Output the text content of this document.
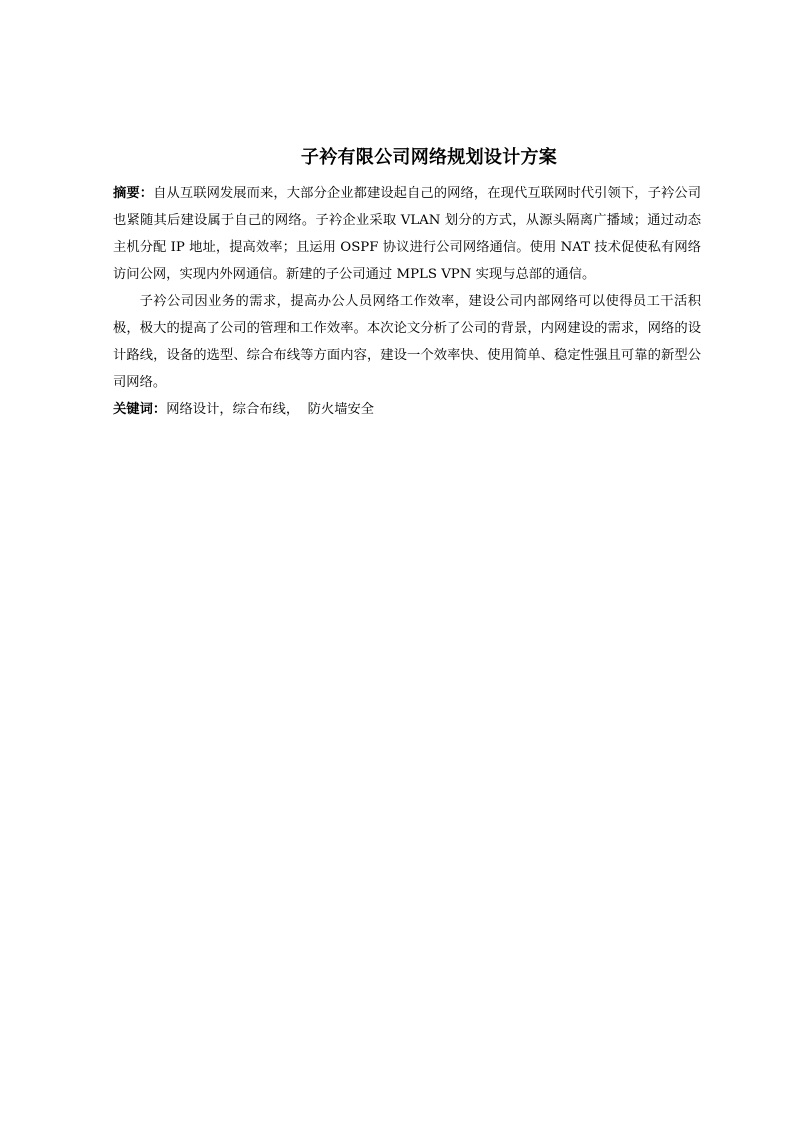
子衿有限公司网络规划设计方案

摘要：自从互联网发展而来，大部分企业都建设起自己的网络，在现代互联网时代引领下，子衿公司也紧随其后建设属于自己的网络。子衿企业采取 VLAN 划分的方式，从源头隔离广播域；通过动态主机分配 IP 地址，提高效率；且运用 OSPF 协议进行公司网络通信。使用 NAT 技术促使私有网络访问公网，实现内外网通信。新建的子公司通过 MPLS VPN 实现与总部的通信。

子衿公司因业务的需求，提高办公人员网络工作效率，建设公司内部网络可以使得员工干活积极，极大的提高了公司的管理和工作效率。本次论文分析了公司的背景，内网建设的需求，网络的设计路线，设备的选型、综合布线等方面内容，建设一个效率快、使用简单、稳定性强且可靠的新型公司网络。

关键词：网络设计，综合布线，  防火墙安全
